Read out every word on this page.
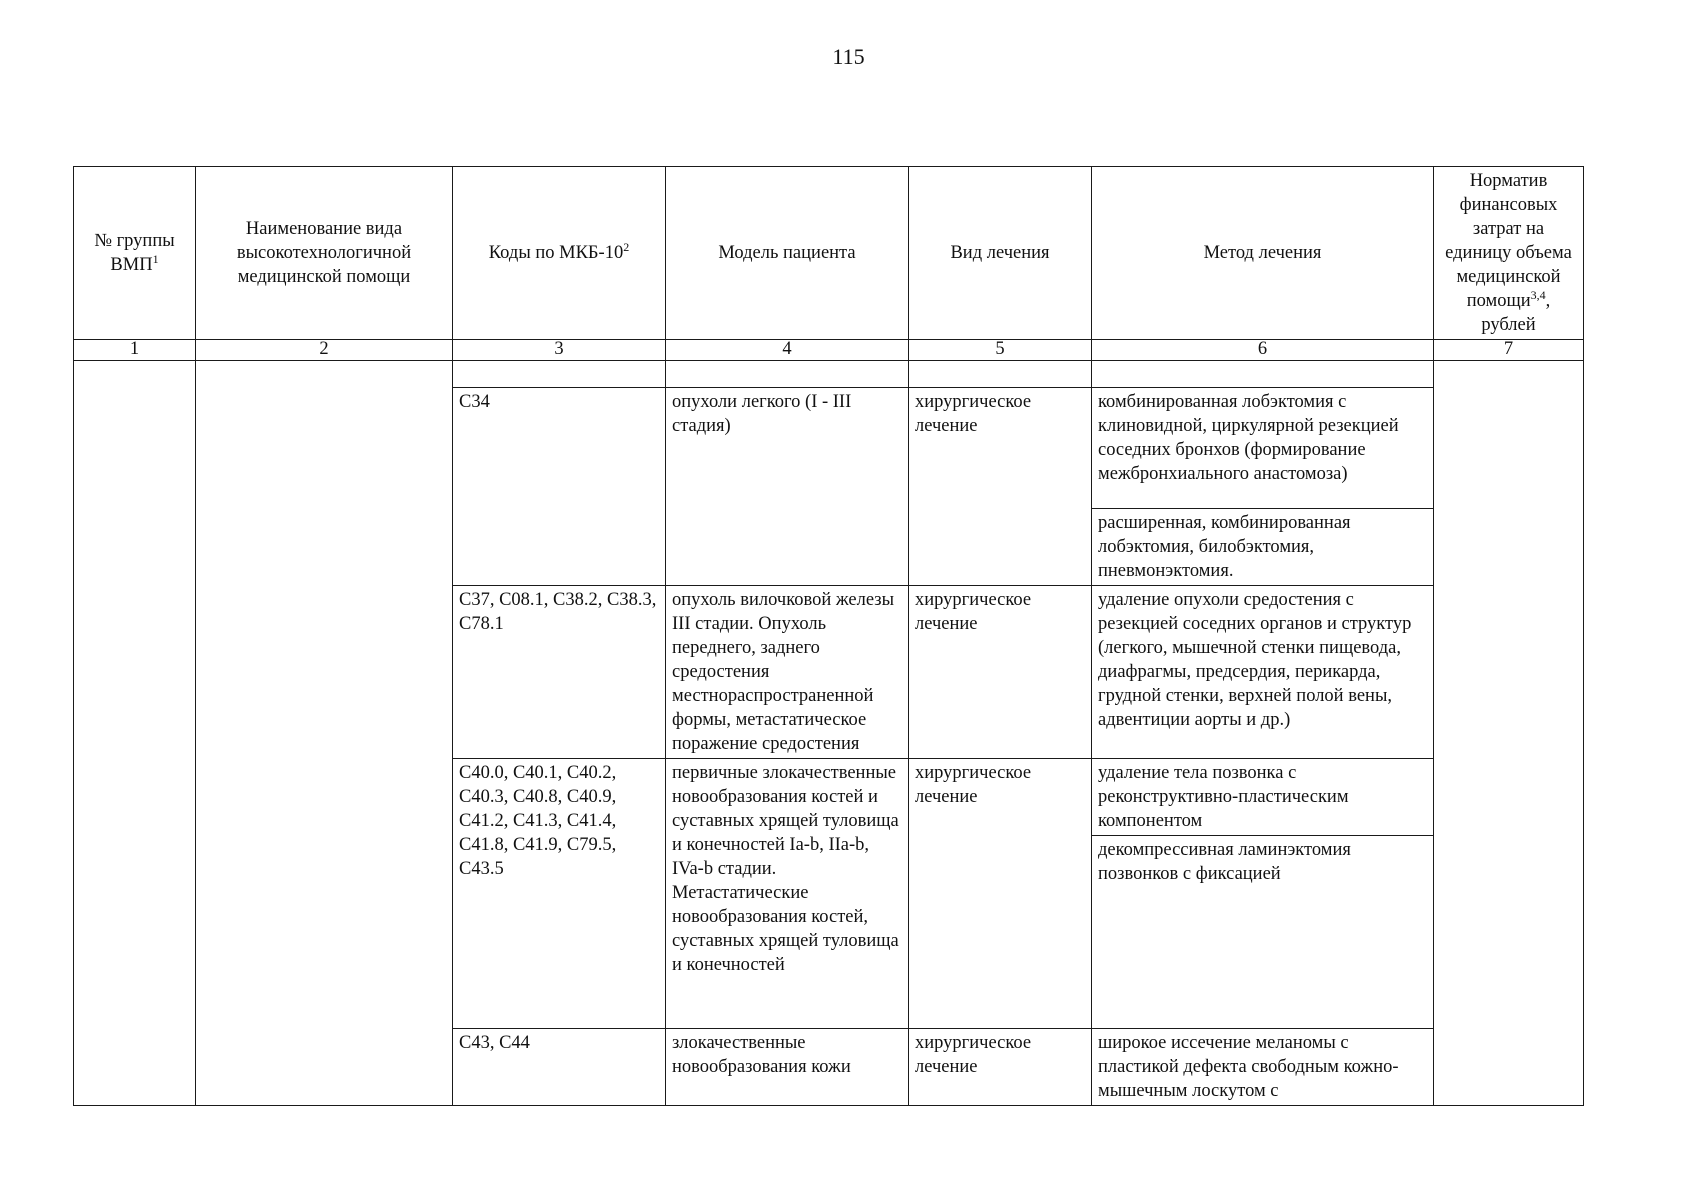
115
№ группы ВМП$^1$	Наименование вида высокотехнологичной медицинской помощи	Коды по МКБ-$10^2$	Модель пациента	Вид лечения	Метод лечения	Норматив финансовых затрат на единицу объема медицинской помощи$^{3,4}$, рублей
1	2	3	4	5	6	7

		C34	опухоли легкого (I - III стадия)	хирургическое лечение	комбинированная лобэктомия с клиновидной, циркулярной резекцией соседних бронхов (формирование межбронхиального анастомоза)	
					расширенная, комбинированная лобэктомия, билобэктомия, пневмонэктомия.	
		C37, C08.1, C38.2, C38.3, C78.1	опухоль вилочковой железы III стадии. Опухоль переднего, заднего средостения местнораспространенной формы, метастатическое поражение средостения	хирургическое лечение	удаление опухоли средостения с резекцией соседних органов и структур (легкого, мышечной стенки пищевода, диафрагмы, предсердия, перикарда, грудной стенки, верхней полой вены, адвентиции аорты и др.)	
		C40.0, C40.1, C40.2, C40.3, C40.8, C40.9, C41.2, C41.3, C41.4, C41.8, C41.9, C79.5, C43.5	первичные злокачественные новообразования костей и суставных хрящей туловища и конечностей Ia-b, IIa-b, IVa-b стадии. Метастатические новообразования костей, суставных хрящей туловища и конечностей	хирургическое лечение	удаление тела позвонка с реконструктивно-пластическим компонентом	
					декомпрессивная ламинэктомия позвонков с фиксацией	
		C43, C44	злокачественные новообразования кожи	хирургическое лечение	широкое иссечение меланомы с пластикой дефекта свободным кожно-мышечным лоскутом с	
